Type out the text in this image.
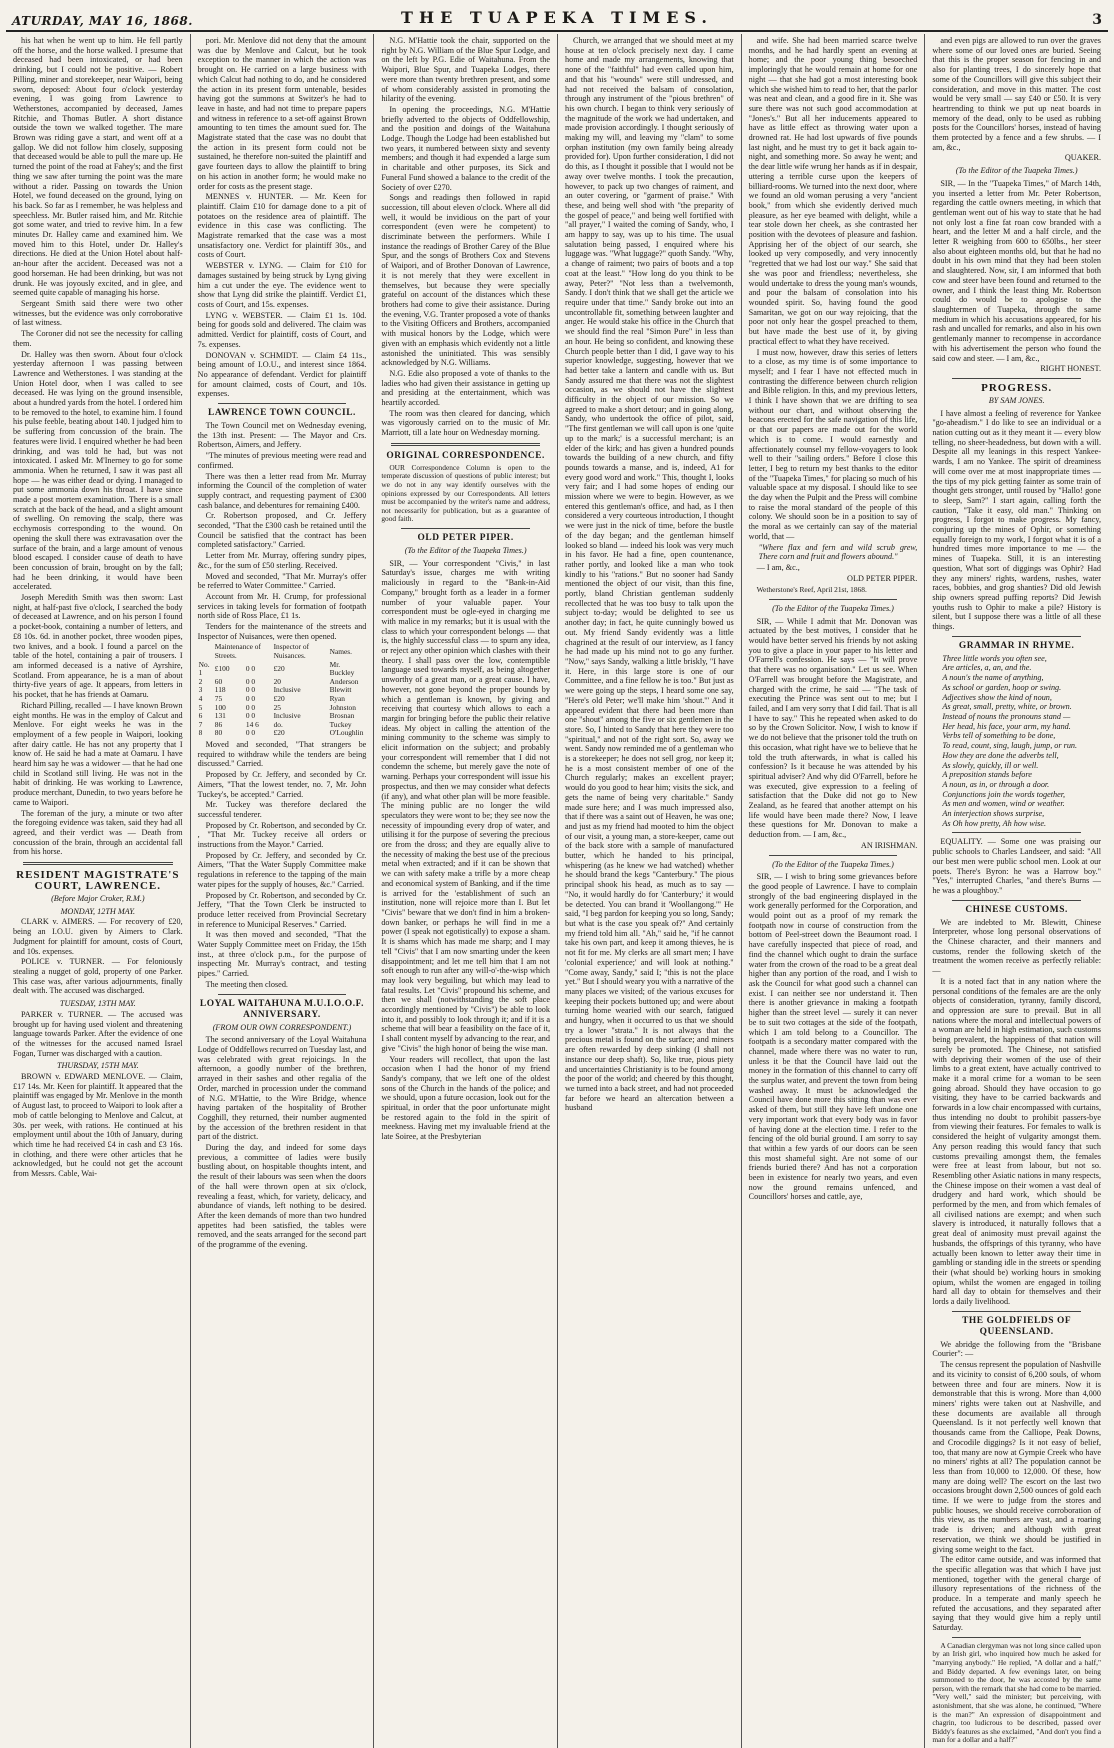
ATURDAY, MAY 16, 1868.	THE TUAPEKA TIMES.	3

his hat when he went up to him. He fell partly off the horse, and the horse walked. I presume that deceased had been intoxicated, or had been drinking, but I could not be positive. — Robert Pilling, miner and storekeeper, near Waipori, being sworn, deposed: About four o'clock yesterday evening, I was going from Lawrence to Wetherstones, accompanied by deceased, James Ritchie, and Thomas Butler. A short distance outside the town we walked together. The mare Brown was riding gave a start, and went off at a gallop. We did not follow him closely, supposing that deceased would be able to pull the mare up. He turned the point of the road at Fahey's; and the first thing we saw after turning the point was the mare without a rider. Passing on towards the Union Hotel, we found deceased on the ground, lying on his back. So far as I remember, he was helpless and speechless. Mr. Butler raised him, and Mr. Ritchie got some water, and tried to revive him. In a few minutes Dr. Halley came and examined him. We moved him to this Hotel, under Dr. Halley's directions. He died at the Union Hotel about half-an-hour after the accident. Deceased was not a good horseman. He had been drinking, but was not drunk. He was joyously excited, and in glee, and seemed quite capable of managing his horse.

Sergeant Smith said there were two other witnesses, but the evidence was only corroborative of last witness.

The Coroner did not see the necessity for calling them.

Dr. Halley was then sworn. About four o'clock yesterday afternoon I was passing between Lawrence and Wetherstones. I was standing at the Union Hotel door, when I was called to see deceased. He was lying on the ground insensible, about a hundred yards from the hotel. I ordered him to be removed to the hotel, to examine him. I found his pulse feeble, beating about 140. I judged him to be suffering from concussion of the brain. The features were livid. I enquired whether he had been drinking, and was told he had, but was not intoxicated. I asked Mr. M'Inerney to go for some ammonia. When he returned, I saw it was past all hope — he was either dead or dying. I managed to put some ammonia down his throat. I have since made a post mortem examination. There is a small scratch at the back of the head, and a slight amount of swelling. On removing the scalp, there was ecchymosis corresponding to the wound. On opening the skull there was extravasation over the surface of the brain, and a large amount of venous blood escaped. I consider cause of death to have been concussion of brain, brought on by the fall; had he been drinking, it would have been accelerated.

Joseph Meredith Smith was then sworn: Last night, at half-past five o'clock, I searched the body of deceased at Lawrence, and on his person I found a pocket-book, containing a number of letters, and £8 10s. 6d. in another pocket, three wooden pipes, two knives, and a book. I found a parcel on the table of the hotel, containing a pair of trousers. I am informed deceased is a native of Ayrshire, Scotland. From appearance, he is a man of about thirty-five years of age. It appears, from letters in his pocket, that he has friends at Oamaru.

Richard Pilling, recalled — I have known Brown eight months. He was in the employ of Calcut and Menlove. For eight weeks he was in the employment of a few people in Waipori, looking after dairy cattle. He has not any property that I know of. He said he had a mate at Oamaru. I have heard him say he was a widower — that he had one child in Scotland still living. He was not in the habit of drinking. He was working to Lawrence, produce merchant, Dunedin, to two years before he came to Waipori.

The foreman of the jury, a minute or two after the foregoing evidence was taken, said they had all agreed, and their verdict was — Death from concussion of the brain, through an accidental fall from his horse.

RESIDENT MAGISTRATE'S COURT, LAWRENCE.
(Before Major Croker, R.M.)
MONDAY, 12TH MAY.

CLARK v. AIMERS. — For recovery of £20, being an I.O.U. given by Aimers to Clark. Judgment for plaintiff for amount, costs of Court, and 10s. expenses.

POLICE v. TURNER. — For feloniously stealing a nugget of gold, property of one Parker. This case was, after various adjournments, finally dealt with. The accused was discharged.

TUESDAY, 13TH MAY.

PARKER v. TURNER. — The accused was brought up for having used violent and threatening language towards Parker. After the evidence of one of the witnesses for the accused named Israel Fogan, Turner was discharged with a caution.

THURSDAY, 15TH MAY.

BROWN v. EDWARD MENLOVE. — Claim, £17 14s. Mr. Keen for plaintiff. It appeared that the plaintiff was engaged by Mr. Menlove in the month of August last, to proceed to Waipori to look after a mob of cattle belonging to Menlove and Calcut, at 30s. per week, with rations. He continued at his employment until about the 10th of January, during which time he had received £4 in cash and £3 16s. in clothing, and there were other articles that he acknowledged, but he could not get the account from Messrs. Cable, Wai-

pori. Mr. Menlove did not deny that the amount was due by Menlove and Calcut, but he took exception to the manner in which the action was brought on. He carried on a large business with which Calcut had nothing to do, and he considered the action in its present form untenable, besides having got the summons at Switzer's he had to leave in haste, and had not time to prepare papers and witness in reference to a set-off against Brown amounting to ten times the amount sued for. The Magistrate stated that the case was no doubt that the action in its present form could not be sustained, he therefore non-suited the plaintiff and gave fourteen days to allow the plaintiff to bring on his action in another form; he would make no order for costs as the present stage.

MENNES v. HUNTER. — Mr. Keen for plaintiff. Claim £10 for damage done to a pit of potatoes on the residence area of plaintiff. The evidence in this case was conflicting. The Magistrate remarked that the case was a most unsatisfactory one. Verdict for plaintiff 30s., and costs of Court.

WEBSTER v. LYNG. — Claim for £10 for damages sustained by being struck by Lyng giving him a cut under the eye. The evidence went to show that Lyng did strike the plaintiff. Verdict £1, costs of Court, and 15s. expenses.

LYNG v. WEBSTER. — Claim £1 1s. 10d. being for goods sold and delivered. The claim was admitted. Verdict for plaintiff, costs of Court, and 7s. expenses.

DONOVAN v. SCHMIDT. — Claim £4 11s., being amount of I.O.U., and interest since 1864. No appearance of defendant. Verdict for plaintiff for amount claimed, costs of Court, and 10s. expenses.

LAWRENCE TOWN COUNCIL.

The Town Council met on Wednesday evening, the 13th inst. Present: — The Mayor and Crs. Robertson, Aimers, and Jeffery.

"The minutes of previous meeting were read and confirmed.

There was then a letter read from Mr. Murray informing the Council of the completion of water supply contract, and requesting payment of £300 cash balance, and debentures for remaining £400.

Cr. Robertson proposed, and Cr. Jeffery seconded, "That the £300 cash be retained until the Council be satisfied that the contract has been completed satisfactory." Carried.

Letter from Mr. Murray, offering sundry pipes, &c., for the sum of £50 sterling. Received.

Moved and seconded, "That Mr. Murray's offer be referred to Water Committee." Carried.

Account from Mr. H. Crump, for professional services in taking levels for formation of footpath north side of Ross Place, £1 1s.

Tenders for the maintenance of the streets and Inspector of Nuisances, were then opened.

	Maintenance of Streets.		Inspector of Nuisances.	Names.
No. 1	£100	0 0	£20	Mr. Buckley
2	60	0 0	20	Anderson
3	118	0 0	Inclusive	Blewitt
4	75	0 0	£20	Ryan
5	100	0 0	25	Johnston
6	131	0 0	Inclusive	Brosnan
7	86	14 6	do.	Tuckey
8	80	0 0	£20	O'Loughlin

Moved and seconded, "That strangers be required to withdraw while the tenders are being discussed." Carried.

Proposed by Cr. Jeffery, and seconded by Cr. Aimers, "That the lowest tender, no. 7, Mr. John Tuckey's, be accepted." Carried.

Mr. Tuckey was therefore declared the successful tenderer.

Proposed by Cr. Robertson, and seconded by Cr. , "That Mr. Tuckey receive all orders or instructions from the Mayor." Carried.

Proposed by Cr. Jeffery, and seconded by Cr. Aimers, "That the Water Supply Committee make regulations in reference to the tapping of the main water pipes for the supply of houses, &c." Carried.

Proposed by Cr. Robertson, and seconded by Cr. Jeffery, "That the Town Clerk be instructed to produce letter received from Provincial Secretary in reference to Municipal Reserves." Carried.

It was then moved and seconded, "That the Water Supply Committee meet on Friday, the 15th inst., at three o'clock p.m., for the purpose of inspecting Mr. Murray's contract, and testing pipes." Carried.

The meeting then closed.

LOYAL WAITAHUNA M.U.I.O.O.F. ANNIVERSARY.
(FROM OUR OWN CORRESPONDENT.)

The second anniversary of the Loyal Waitahuna Lodge of Oddfellows recurred on Tuesday last, and was celebrated with great rejoicings. In the afternoon, a goodly number of the brethren, arrayed in their sashes and other regalia of the Order, marched in procession under the command of N.G. M'Hattie, to the Wire Bridge, whence having partaken of the hospitality of Brother Cogghill, they returned, their number augmented by the accession of the brethren resident in that part of the district.

During the day, and indeed for some days previous, a committee of ladies were busily bustling about, on hospitable thoughts intent, and the result of their labours was seen when the doors of the hall were thrown open at six o'clock, revealing a feast, which, for variety, delicacy, and abundance of viands, left nothing to be desired. After the keen demands of more than two hundred appetites had been satisfied, the tables were removed, and the seats arranged for the second part of the programme of the evening.

N.G. M'Hattie took the chair, supported on the right by N.G. William of the Blue Spur Lodge, and on the left by P.G. Edie of Waitahuna. From the Waipori, Blue Spur, and Tuapeka Lodges, there were more than twenty brethren present, and some of whom considerably assisted in promoting the hilarity of the evening.

In opening the proceedings, N.G. M'Hattie briefly adverted to the objects of Oddfellowship, and the position and doings of the Waitahuna Lodge. Though the Lodge had been established but two years, it numbered between sixty and seventy members; and though it had expended a large sum in charitable and other purposes, its Sick and Funeral Fund showed a balance to the credit of the Society of over £270.

Songs and readings then followed in rapid succession, till about eleven o'clock. Where all did well, it would be invidious on the part of your correspondent (even were he competent) to discriminate between the performers. While I instance the readings of Brother Carey of the Blue Spur, and the songs of Brothers Cox and Stevens of Waipori, and of Brother Donovan of Lawrence, it is not merely that they were excellent in themselves, but because they were specially grateful on account of the distances which these brothers had come to give their assistance. During the evening, V.G. Tranter proposed a vote of thanks to the Visiting Officers and Brothers, accompanied with musical honors by the Lodge, which were given with an emphasis which evidently not a little astonished the uninitiated. This was sensibly acknowledged by N.G. Williams.

N.G. Edie also proposed a vote of thanks to the ladies who had given their assistance in getting up and presiding at the entertainment, which was heartily accorded.

The room was then cleared for dancing, which was vigorously carried on to the music of Mr. Marriott, till a late hour on Wednesday morning.

ORIGINAL CORRESPONDENCE.

OUR Correspondence Column is open to the temperate discussion of questions of public interest; but we do not in any way identify ourselves with the opinions expressed by our Correspondents. All letters must be accompanied by the writer's name and address, not necessarily for publication, but as a guarantee of good faith.

OLD PETER PIPER.
(To the Editor of the Tuapeka Times.)

SIR, — Your correspondent "Civis," in last Saturday's issue, charges me with writing maliciously in regard to the "Bank-in-Aid Company," brought forth as a leader in a former number of your valuable paper. Your correspondent must be ogle-eyed in charging me with malice in my remarks; but it is usual with the class to which your correspondent belongs — that is, the highly successful class — to spurn any idea, or reject any other opinion which clashes with their theory. I shall pass over the low, contemptible language used towards myself, as being altogether unworthy of a great man, or a great cause. I have, however, not gone beyond the proper bounds by which a gentleman is known, by giving and receiving that courtesy which allows to each a margin for bringing before the public their relative ideas. My object in calling the attention of the mining community to the scheme was simply to elicit information on the subject; and probably your correspondent will remember that I did not condemn the scheme, but merely gave the note of warning. Perhaps your correspondent will issue his prospectus, and then we may consider what defects (if any), and what other plan will be more feasible. The mining public are no longer the wild speculators they were wont to be; they see now the necessity of impounding every drop of water, and utilising it for the purpose of severing the precious ore from the dross; and they are equally alive to the necessity of making the best use of the precious metal when extracted; and if it can be shown that we can with safety make a trifle by a more cheap and economical system of Banking, and if the time is arrived for the 'establishment of such an institution, none will rejoice more than I. But let "Civis" beware that we don't find in him a broken-down banker, or perhaps he will find in me a power (I speak not egotistically) to expose a sham. It is shams which has made me sharp; and I may tell "Civis" that I am now smarting under the keen disappointment; and let me tell him that I am not soft enough to run after any will-o'-the-wisp which may look very beguiling, but which may lead to fatal results. Let "Civis" propound his scheme, and then we shall (notwithstanding the soft place accordingly mentioned by "Civis") be able to look into it, and possibly to look through it; and if it is a scheme that will bear a feasibility on the face of it, I shall content myself by advancing to the rear, and give "Civis" the high honor of being the wise man.

Your readers will recollect, that upon the last occasion when I had the honor of my friend Sandy's company, that we left one of the oldest sons of the Church in the hands of the police; and we should, upon a future occasion, look out for the spiritual, in order that the poor unfortunate might be restored again to the fold in the spirit of meekness. Having met my invaluable friend at the late Soiree, at the Presbyterian

Church, we arranged that we should meet at my house at ten o'clock precisely next day. I came home and made my arrangements, knowing that none of the "faithful" had even called upon him, and that his "wounds" were still undressed, and had not received the balsam of consolation, through any instrument of the "pious brethren" of his own church. I began to think very seriously of the magnitude of the work we had undertaken, and made provision accordingly. I thought seriously of making my will, and leaving my "clam" to some orphan institution (my own family being already provided for). Upon further consideration, I did not do this, as I thought it possible that I would not be away over twelve months. I took the precaution, however, to pack up two changes of raiment, and an outer covering, or "garment of praise." With these, and being well shod with "the preparity of the gospel of peace," and being well fortified with "all prayer," I waited the coming of Sandy, who, I am happy to say, was up to his time. The usual salutation being passed, I enquired where his luggage was. "What luggage?" quoth Sandy. "Why, a change of raiment; two pairs of boots and a top coat at the least." "How long do you think to be away, Peter?" "Not less than a twelvemonth, Sandy. I don't think that we shall get the article we require under that time." Sandy broke out into an uncontrollable fit, something between laughter and anger. He would stake his office in the Church that we should find the real "Simon Pure" in less than an hour. He being so confident, and knowing these Church people better than I did, I gave way to his superior knowledge, suggesting, however that we had better take a lantern and candle with us. But Sandy assured me that there was not the slightest occasion, as we should not have the slightest difficulty in the object of our mission. So we agreed to make a short detour; and in going along, Sandy, who undertook the office of pilot, said, "The first gentleman we will call upon is one 'quite up to the mark;' is a successful merchant; is an elder of the kirk; and has given a hundred pounds towards the building of a new church, and fifty pounds towards a manse, and is, indeed, A1 for every good word and work." This, thought I, looks very fair; and I had some hopes of ending our mission where we were to begin. However, as we entered this gentleman's office, and had, as I then considered a very courteous introduction, I thought we were just in the nick of time, before the bustle of the day began; and the gentleman himself looked so bland — indeed his look was very much in his favor. He had a fine, open countenance, rather portly, and looked like a man who took kindly to his "rations." But no sooner had Sandy mentioned the object of our visit, than this fine, portly, bland Christian gentleman suddenly recollected that he was too busy to talk upon the subject to-day; would be delighted to see us another day; in fact, he quite cunningly bowed us out. My friend Sandy evidently was a little chagrined at the result of our interview, as I fancy he had made up his mind not to go any further. "Now," says Sandy, walking a little briskly, "I have it. Here, in this large store is one of our Committee, and a fine fellow he is too." But just as we were going up the steps, I heard some one say, "Here's old Peter; we'll make him 'shout.'" And it appeared evident that there had been more than one "shout" among the five or six gentlemen in the store. So, I hinted to Sandy that here they were too "spiritual," and not of the right sort. So, away we went. Sandy now reminded me of a gentleman who is a storekeeper; he does not sell grog, nor keep it; he is a most consistent member of one of the Church regularly; makes an excellent prayer; would do you good to hear him; visits the sick, and gets the name of being very charitable." Sandy made sure here; and I was much impressed also, that if there was a saint out of Heaven, he was one; and just as my friend had mooted to him the object of our visit, a young man, a store-keeper, came out of the back store with a sample of manufactured butter, which he handed to his principal, whispering (as he knew we had watched) whether he should brand the kegs "Canterbury." The pious principal shook his head, as much as to say — "No, it would hardly do for 'Canterbury;' it would be detected. You can brand it 'Woollangong.'" He said, "I beg pardon for keeping you so long, Sandy; but what is the case you speak of?" And certainly my friend told him all. "Ah," said he, "if he cannot take his own part, and keep it among thieves, he is not fit for me. My clerks are all smart men; I have 'colonial experience;' and will look at nothing." "Come away, Sandy," said I; "this is not the place yet." But I should weary you with a narrative of the many places we visited; of the various excuses for keeping their pockets buttoned up; and were about turning home wearied with our search, fatigued and hungry, when it occurred to us that we should try a lower "strata." It is not always that the precious metal is found on the surface; and miners are often rewarded by deep sinking (I shall not instance our deep shaft). So, like true, pious piety and uncertainties Christianity is to be found among the poor of the world; and cheered by this thought, we turned into a back street, and had not proceeded far before we heard an altercation between a husband

and wife. She had been married scarce twelve months, and he had hardly spent an evening at home; and the poor young thing besoeched imploringly that he would remain at home for one night — that she had got a most interesting book which she wished him to read to her, that the parlor was neat and clean, and a good fire in it. She was sure there was not such good accommodation at "Jones's." But all her inducements appeared to have as little effect as throwing water upon a drowned rat. He had lost upwards of five pounds last night, and he must try to get it back again to-night, and something more. So away he went; and the dear little wife wrung her hands as if in despair, uttering a terrible curse upon the keepers of billiard-rooms. We turned into the next door, where we found an old woman perusing a very "ancient book," from which she evidently derived much pleasure, as her eye beamed with delight, while a tear stole down her cheek, as she contrasted her position with the devotees of pleasure and fashion. Apprising her of the object of our search, she looked up very composedly, and very innocently "regretted that we had lost our way." She said that she was poor and friendless; nevertheless, she would undertake to dress the young man's wounds, and pour the balsam of consolation into his wounded spirit. So, having found the good Samaritan, we got on our way rejoicing, that the poor not only hear the gospel preached to them, but have made the best use of it, by giving practical effect to what they have received.

I must now, however, draw this series of letters to a close, as my time is of some importance to myself; and I fear I have not effected much in contrasting the difference between church religion and Bible religion. In this, and my previous letters, I think I have shown that we are drifting to sea without our chart, and without observing the beacons erected for the safe navigation of this life, or that our papers are made out for the world which is to come. I would earnestly and affectionately counsel my fellow-voyagers to look well to their "sailing orders." Before I close this letter, I beg to return my best thanks to the editor of the "Tuapeka Times," for placing so much of his valuable space at my disposal. I should like to see the day when the Pulpit and the Press will combine to raise the moral standard of the people of this colony. We should soon be in a position to say of the moral as we certainly can say of the material world, that —

"Where flax and fern and wild scrub grew, There corn and fruit and flowers abound."

— I am, &c.,

OLD PETER PIPER.

Wetherstone's Reef, April 21st, 1868.

(To the Editor of the Tuapeka Times.)

SIR, — While I admit that Mr. Donovan was actuated by the best motives, I consider that he would have better served his friends by not asking you to give a place in your paper to his letter and O'Farrell's confession. He says — "It will prove that there was no organisation." Let us see. When O'Farrell was brought before the Magistrate, and charged with the crime, he said — "The task of executing the Prince was sent out to me; but I failed, and I am very sorry that I did fail. That is all I have to say." This he repeated when asked to do so by the Crown Solicitor. Now, I wish to know if we do not believe that the prisoner told the truth on this occasion, what right have we to believe that he told the truth afterwards, in what is called his confession? Is it because he was attended by his spiritual adviser? And why did O'Farrell, before he was executed, give expression to a feeling of satisfaction that the Duke did not go to New Zealand, as he feared that another attempt on his life would have been made there? Now, I leave these questions for Mr. Donovan to make a deduction from. — I am, &c.,

AN IRISHMAN.
(To the Editor of the Tuapeka Times.)

SIR, — I wish to bring some grievances before the good people of Lawrence. I have to complain strongly of the bad engineering displayed in the work generally performed for the Corporation, and would point out as a proof of my remark the footpath now in course of construction from the bottom of Peel-street down the Beaumont road. I have carefully inspected that piece of road, and find the channel which ought to drain the surface water from the crown of the road to be a great deal higher than any portion of the road, and I wish to ask the Council for what good such a channel can exist. I can neither see nor understand it. Then there is another grievance in making a footpath higher than the street level — surely it can never be to suit two cottages at the side of the footpath, which I am told belong to a Councillor. The footpath is a secondary matter compared with the channel, made where there was no water to run, unless it be that the Council have laid out the money in the formation of this channel to carry off the surplus water, and prevent the town from being washed away. It must be acknowledged the Council have done more this sitting than was ever asked of them, but still they have left undone one very important work that every body was in favor of having done at the election time. I refer to the fencing of the old burial ground. I am sorry to say that within a few yards of our doors can be seen this most shameful sight. Are not some of our friends buried there? And has not a corporation been in existence for nearly two years, and even now the ground remains unfenced, and Councillors' horses and cattle, aye,

and even pigs are allowed to run over the graves where some of our loved ones are buried. Seeing that this is the proper season for fencing in and also for planting trees, I do sincerely hope that some of the Councillors will give this subject their consideration, and move in this matter. The cost would be very small — say £40 or £50. It is very heartrending to think we put up neat boards in memory of the dead, only to be used as rubbing posts for the Councillors' horses, instead of having them protected by a fence and a few shrubs. — I am, &c.,

QUAKER.
(To the Editor of the Tuapeka Times.)

SIR, — In the "Tuapeka Times," of March 14th, you inserted a letter from Mr. Peter Robertson, regarding the cattle owners meeting, in which that gentleman went out of his way to state that he had not only lost a fine fat roan cow branded with a heart, and the letter M and a half circle, and the letter R weighing from 600 to 650lbs., her steer also about eighteen months old, but that he had no doubt in his own mind that they had been stolen and slaughtered. Now, sir, I am informed that both cow and steer have been found and returned to the owner, and I think the least thing Mr. Robertson could do would be to apologise to the slaughtermen of Tuapeka, through the same medium in which his accusations appeared, for his rash and uncalled for remarks, and also in his own gentlemanly manner to recompense in accordance with his advertisement the person who found the said cow and steer. — I am, &c.,

RIGHT HONEST.
PROGRESS.
BY SAM JONES.

I have almost a feeling of reverence for Yankee "go-aheadism." I do like to see an individual or a nation cutting out as it they meant it — every blow telling, no sheer-headedness, but down with a will. Despite all my leanings in this respect Yankee-wards, I am no Yankee. The spirit of dreaminess will come over me at most inappropriate times — the tips of my pick getting fainter as some train of thought gets stronger, until roused by "Hallo! gone to sleep, Sam?" I start again, calling forth the caution, "Take it easy, old man." Thinking on progress, I forgot to make progress. My fancy, conjuring up the mines of Ophir, or something equally foreign to my work, I forgot what it is of a hundred times more importance to me — the mines of Tuapeka. Still, it is an interesting question, What sort of diggings was Ophir? Had they any miners' rights, wardens, rushes, water races, bobbies, and grog shanties? Did old Jewish ship owners spread puffing reports? Did Jewish youths rush to Ophir to make a pile? History is silent, but I suppose there was a little of all these things.

GRAMMAR IN RHYME.

Three little words you often see,

Are articles, a, an, and the.

A noun's the name of anything,

As school or garden, hoop or swing.

Adjectives show the kind of noun,

As great, small, pretty, white, or brown.

Instead of nouns the pronouns stand —

Her head, his face, your arm, my hand.

Verbs tell of something to be done,

To read, count, sing, laugh, jump, or run.

How they are done the adverbs tell,

As slowly, quickly, ill or well.

A preposition stands before

A noun, as in, or through a door.

Conjunctions join the words together,

As men and women, wind or weather.

An interjection shows surprise,

As Oh how pretty, Ah how wise.

EQUALITY. — Some one was praising our public schools to Charles Landseer, and said: "All our best men were public school men. Look at our poets. There's Byron: he was a Harrow boy." "Yes," interrupted Charles, "and there's Burns — he was a ploughboy."

CHINESE CUSTOMS.

We are indebted to Mr. Blewitt, Chinese Interpreter, whose long personal observations of the Chinese character, and their manners and customs, render the following sketch of the treatment the women receive as perfectly reliable: —

It is a noted fact that in any nation where the personal conditions of the females are are the only objects of consideration, tyranny, family discord, and oppression are sure to prevail. But in all nations where the moral and intellectual powers of a woman are held in high estimation, such customs being prevalent, the happiness of that nation will surely be promoted. The Chinese, not satisfied with depriving their women of the use of their limbs to a great extent, have actually contrived to make it a moral crime for a woman to be seen going abroad. Should they have occasion to go visiting, they have to be carried backwards and forwards in a low chair encompassed with curtains, thus intending no doubt to prohibit passers-bye from viewing their features. For females to walk is considered the height of vulgarity amongst them. Any person reading this would fancy that such customs prevailing amongst them, the females were free at least from labour, but not so. Resembling other Asiatic nations in many respects, the Chinese impose on their women a vast deal of drudgery and hard work, which should be performed by the men, and from which females of all civilised nations are exempt; and when such slavery is introduced, it naturally follows that a great deal of animosity must prevail against the husbands, the offsprings of this tyranny, who have actually been known to letter away their time in gambling or standing idle in the streets or spending their (what should be) working hours in smoking opium, whilst the women are engaged in toiling hard all day to obtain for themselves and their lords a daily livelihood.

THE GOLDFIELDS OF QUEENSLAND.

We abridge the following from the "Brisbane Courier": —

The census represent the population of Nashville and its vicinity to consist of 6,200 souls, of whom between three and four are miners. Now it is demonstrable that this is wrong. More than 4,000 miners' rights were taken out at Nashville, and these documents are available all through Queensland. Is it not perfectly well known that thousands came from the Calliope, Peak Downs, and Crocodile diggings? Is it not easy of belief, too, that many are now at Gympie Creek who have no miners' rights at all? The population cannot be less than from 10,000 to 12,000. Of these, how many are doing well? The escort on the last two occasions brought down 2,500 ounces of gold each time. If we were to judge from the stores and public houses, we should receive corroboration of this view, as the numbers are vast, and a roaring trade is driven; and although with great reservation, we think we should be justified in giving some weight to the fact.

The editor came outside, and was informed that the specific allegation was that which I have just mentioned, together with the general charge of illusory representations of the richness of the produce. In a temperate and manly speech he refuted the accusations, and they separated after saying that they would give him a reply until Saturday.

A Canadian clergyman was not long since called upon by an Irish girl, who inquired how much he asked for "marrying anybody." He replied, "A dollar and a half," and Biddy departed. A few evenings later, on being summoned to the door, he was accosted by the same person, with the remark that she had come to be married. "Very well," said the minister; but perceiving, with astonishment, that she was alone, he continued, "Where is the man?" An expression of disappointment and chagrin, too ludicrous to be described, passed over Biddy's features as she exclaimed, "And don't you find a man for a dollar and a half?"
